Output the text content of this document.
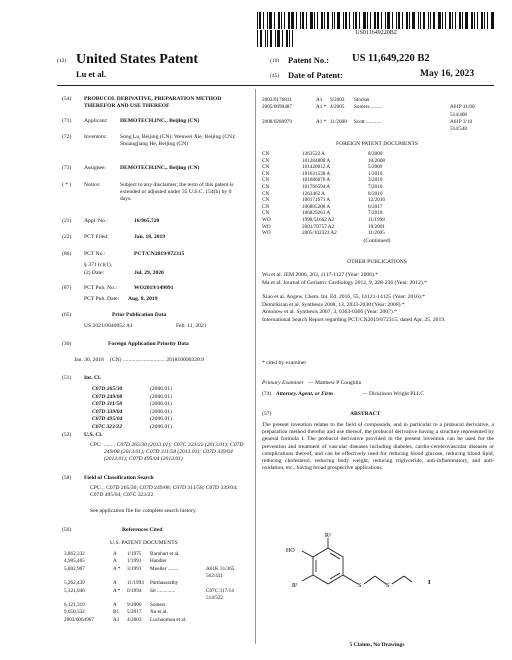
US011649220B2
(12) United States Patent
Lu et al.
(10) Patent No.: US 11,649,220 B2
(45) Date of Patent:	May 16, 2023
(54) PROBUCOL DERIVATIVE, PREPARATION METHOD THEREFOR AND USE THEREOF
(71) Applicant: DEMOTECH.INC., Beijing (CN)
(72) Inventors: Song Lu, Beijing (CN); Wenwei Xie, Beijing (CN); Shuangjiang He, Beijing (CN)
(73) Assignee: DEMOTECH.INC., Beijing (CN)
( * ) Notice:	Subject to any disclaimer, the term of this patent is extended or adjusted under 35 U.S.C. 154(b) by 0 days.
(21) Appl. No.:	16/965,720
(22) PCT Filed:	Jan. 18, 2019
(86) PCT No.:	PCT/CN2019/072315
§ 371 (c)(1),
(2) Date:	Jul. 29, 2020
(87) PCT Pub. No.:	WO2019/149091
PCT Pub. Date: Aug. 8, 2019
(65)	Prior Publication Data
US 2021/0040052 A1	Feb. 11, 2021
(30)	Foreign Application Priority Data
Jan. 30, 2018 (CN) .............................. 201810090320.9
(51) Int. Cl.
(52) U.S. Cl.
CPC ........ C07D 265/30 (2013.01); C07C 323/22 (2013.01); C07D 249/08 (2013.01); C07D 311/58 (2013.01); C07D 339/04 (2013.01); C07D 495/04 (2013.01)
(58) Field of Classification Search
CPC .. C07D 265/30; C07D 249/08; C07D 311/58; C07D 339/04; C07D 495/04; C07C 323/22
See application file for complete search history.
(56)	References Cited
U.S. PATENT DOCUMENTS
FOREIGN PATENT DOCUMENTS
(Continued)
OTHER PUBLICATIONS
* cited by examiner
Primary Examiner — Matthew P Coughlin
(74) Attorney, Agent, or Firm	— Dickinson Wright PLLC
(57)	ABSTRACT
The present invention relates to the field of compounds, and in particular to a probucol derivative, a preparation method therefor and use thereof, the probucol derivative having a structure represented by general formula I. The probucol derivative provided in the present invention can be used for the prevention and treatment of vascular diseases including diabetes, cardio-cerebrovascular diseases or complications thereof, and can be effectively used for reducing blood glucose, reducing blood lipid, reducing cholesterol, reducing body weight, reducing triglyceride, anti-inflammatory, and anti-oxidation, etc., having broad prospective applications.
HO
R²
R¹	S	S	I
5 Claims, No Drawings
C07D 265/30	(2006.01)
C07D 249/08	(2006.01)
C07D 311/58	(2006.01)
C07D 339/04	(2006.01)
C07D 495/04	(2006.01)
C07C 323/22	(2006.01)
3,862,332	A 1/1975 Barnhart et al.
4,985,465	A 1/1991 Handler
5,002,967	A * 3/1991 Mueller ........	A61K 31/365
562/431
5,262,439	A 11/1993 Parthasarathy
5,321,046	A * 6/1994 Sit ..............	C07C 317/14
514/522
6,121,319	A 9/2000 Somers
9,650,332	B1 5/2017 Xu et al.
2003/0064967	A1 4/2003 Luchoomun et al.
2003/0176811	A1 9/2003 Stocker
2005/0090487	A1 * 4/2005 Somers .........	A61P 11/00
514/408
2008/0280979	A1 * 11/2008 Scott ............	A61P 3/10
514/548
CN	1263522 A	8/2000
CN	101284808 A	10/2008
CN	101420012 A	5/2009
CN	101631538 A	1/2010
CN	101686676 A	3/2010
CN	101766594 A	7/2010
CN	1263462 A	8/2010
CN	106171671 A	12/2016
CN	106805208 A	6/2017
CN	106829263 A	7/2018
WO	1998/51662 A2	11/1998
WO	2001/70757 A2	10/2001
WO	2005/102323 A2	11/2005
Wu et al. JEM 2006, 203, 1117-1127 (Year: 2006).*
Ma et al. Journal of Geriatric Cardiology 2012, 9, 228-236 (Year: 2012).*
Xiao et al. Angew. Chem. Int. Ed. 2016, 55, 14121-14125 (Year: 2016).*
Demirkiran et al. Synthesis 2008, 13, 2033-2038 (Year: 2008).*
Antonow et al. Synthesis 2007, 3, 0363-0366 (Year: 2007).*
International Search Report regarding PCT/CN2019/072315; dated Apr. 25, 2019.
